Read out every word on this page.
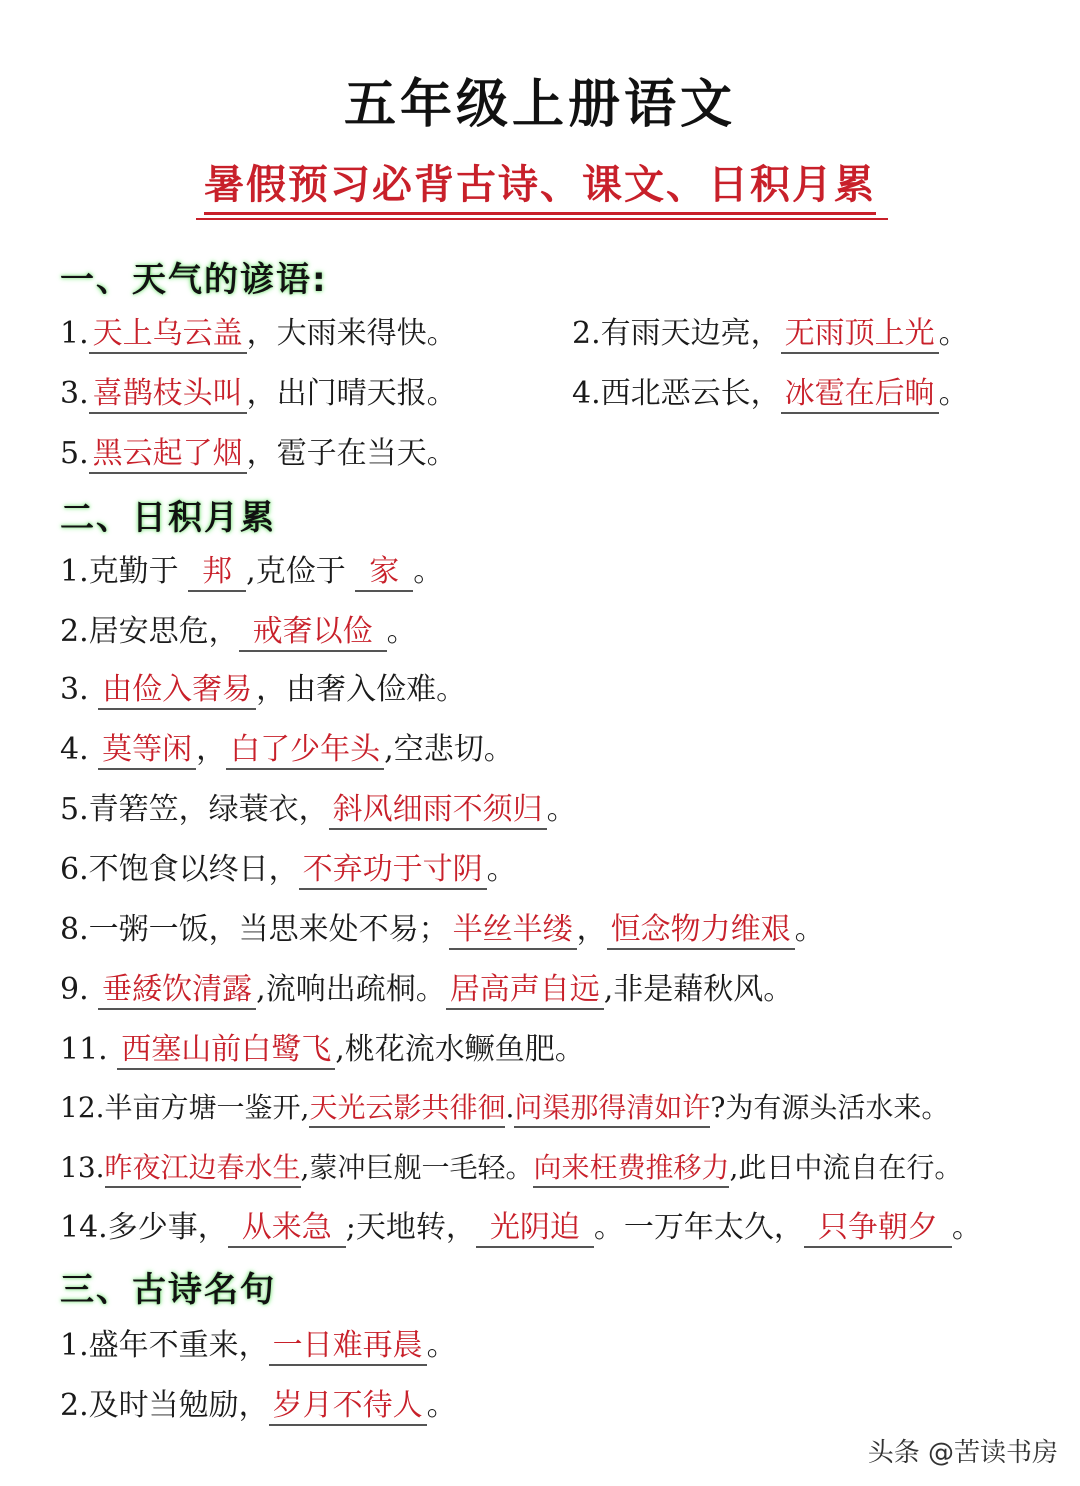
五年级上册语文
暑假预习必背古诗、课文、日积月累
一、天气的谚语:
1. 天上乌云盖 ，大雨来得快。	2.有雨天边亮， 无雨顶上光 。
3. 喜鹊枝头叫 ，出门晴天报。	4.西北恶云长， 冰雹在后晌 。
5. 黑云起了烟 ，雹子在当天。
二、日积月累
1.克勤于 邦 ,克俭于 家 。
2.居安思危， 戒奢以俭 。
3. 由俭入奢易 ，由奢入俭难。
4. 莫等闲 ， 白了少年头 ,空悲切。
5.青箬笠，绿蓑衣， 斜风细雨不须归 。
6.不饱食以终日， 不弃功于寸阴 。
8.一粥一饭，当思来处不易； 半丝半缕 ， 恒念物力维艰 。
9. 垂緌饮清露 ,流响出疏桐。 居高声自远 ,非是藉秋风。
11. 西塞山前白鹭飞 ,桃花流水鳜鱼肥。
12.半亩方塘一鉴开,天光云影共徘徊.问渠那得清如许?为有源头活水来。
13.昨夜江边春水生,蒙冲巨舰一毛轻。向来枉费推移力,此日中流自在行。
14.多少事， 从来急 ;天地转， 光阴迫 。一万年太久， 只争朝夕 。
三、古诗名句
1.盛年不重来， 一日难再晨 。
2.及时当勉励， 岁月不待人 。
头条 @苦读书房
